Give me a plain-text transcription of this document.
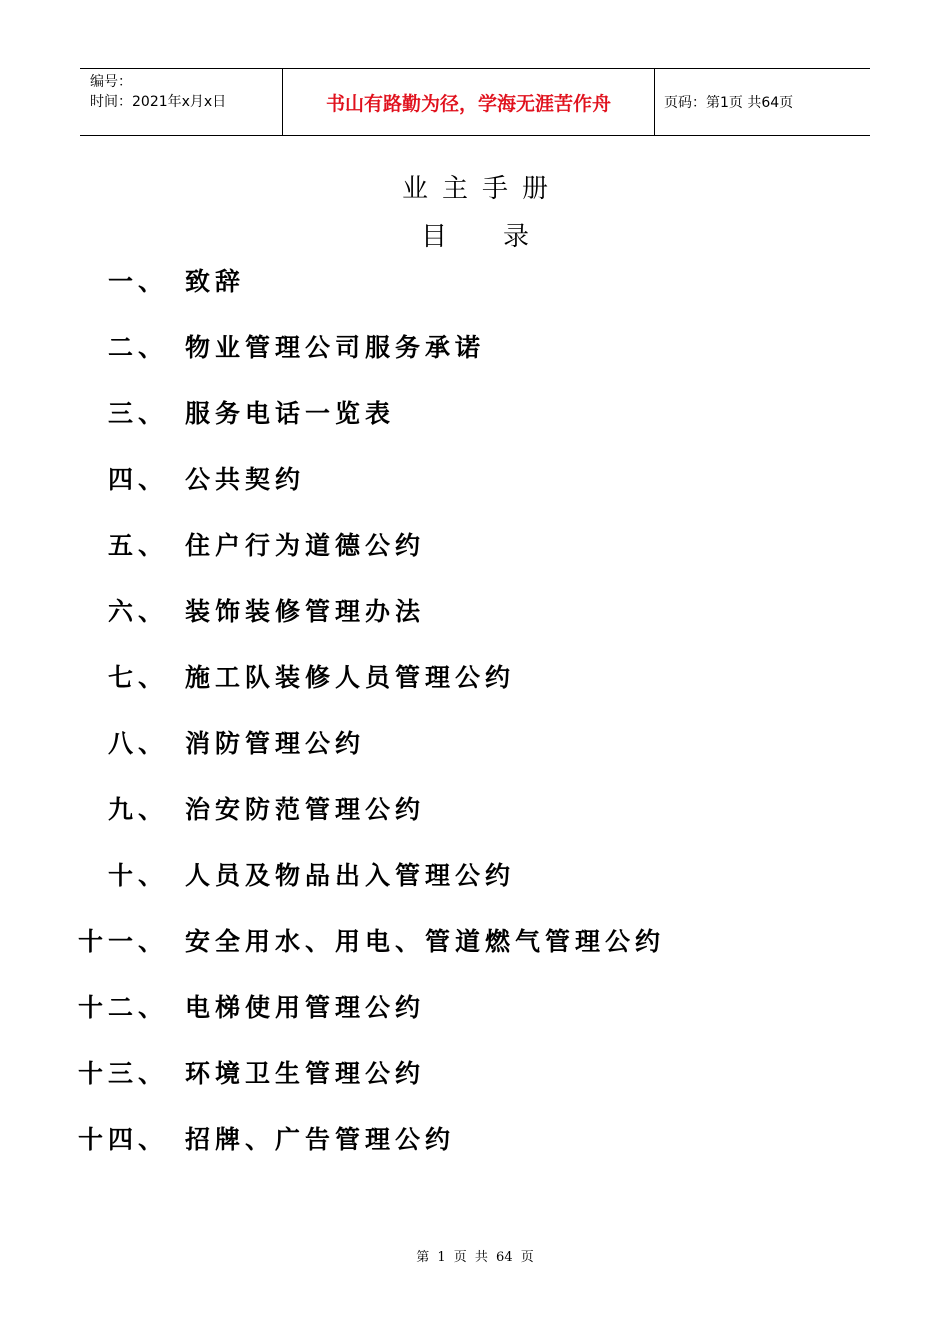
编号：
时间：2021年x月x日	书山有路勤为径，学海无涯苦作舟	页码：第1页 共64页
业主手册
目 录
一、 致辞
二、 物业管理公司服务承诺
三、 服务电话一览表
四、 公共契约
五、 住户行为道德公约
六、 装饰装修管理办法
七、 施工队装修人员管理公约
八、 消防管理公约
九、 治安防范管理公约
十、 人员及物品出入管理公约
十一、 安全用水、用电、管道燃气管理公约
十二、 电梯使用管理公约
十三、 环境卫生管理公约
十四、 招牌、广告管理公约
第 1 页 共 64 页
